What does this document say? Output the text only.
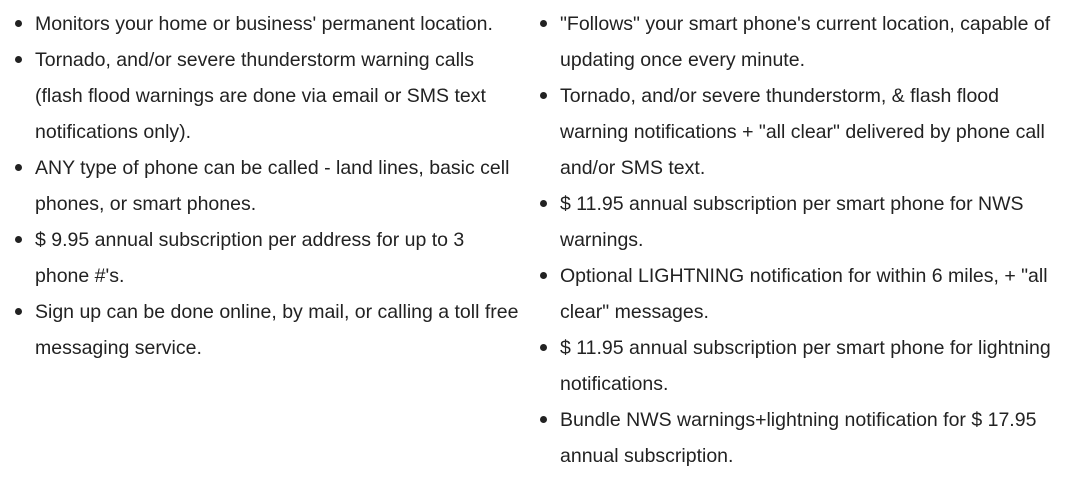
Monitors your home or business' permanent location.
Tornado, and/or severe thunderstorm warning calls (flash flood warnings are done via email or SMS text notifications only).
ANY type of phone can be called - land lines, basic cell phones, or smart phones.
$ 9.95 annual subscription per address for up to 3 phone #'s.
Sign up can be done online, by mail, or calling a toll free messaging service.
"Follows" your smart phone's current location, capable of updating once every minute.
Tornado, and/or severe thunderstorm, & flash flood warning notifications + "all clear" delivered by phone call and/or SMS text.
$ 11.95 annual subscription per smart phone for NWS warnings.
Optional LIGHTNING notification for within 6 miles, + "all clear" messages.
$ 11.95 annual subscription per smart phone for lightning notifications.
Bundle NWS warnings+lightning notification for $ 17.95 annual subscription.
